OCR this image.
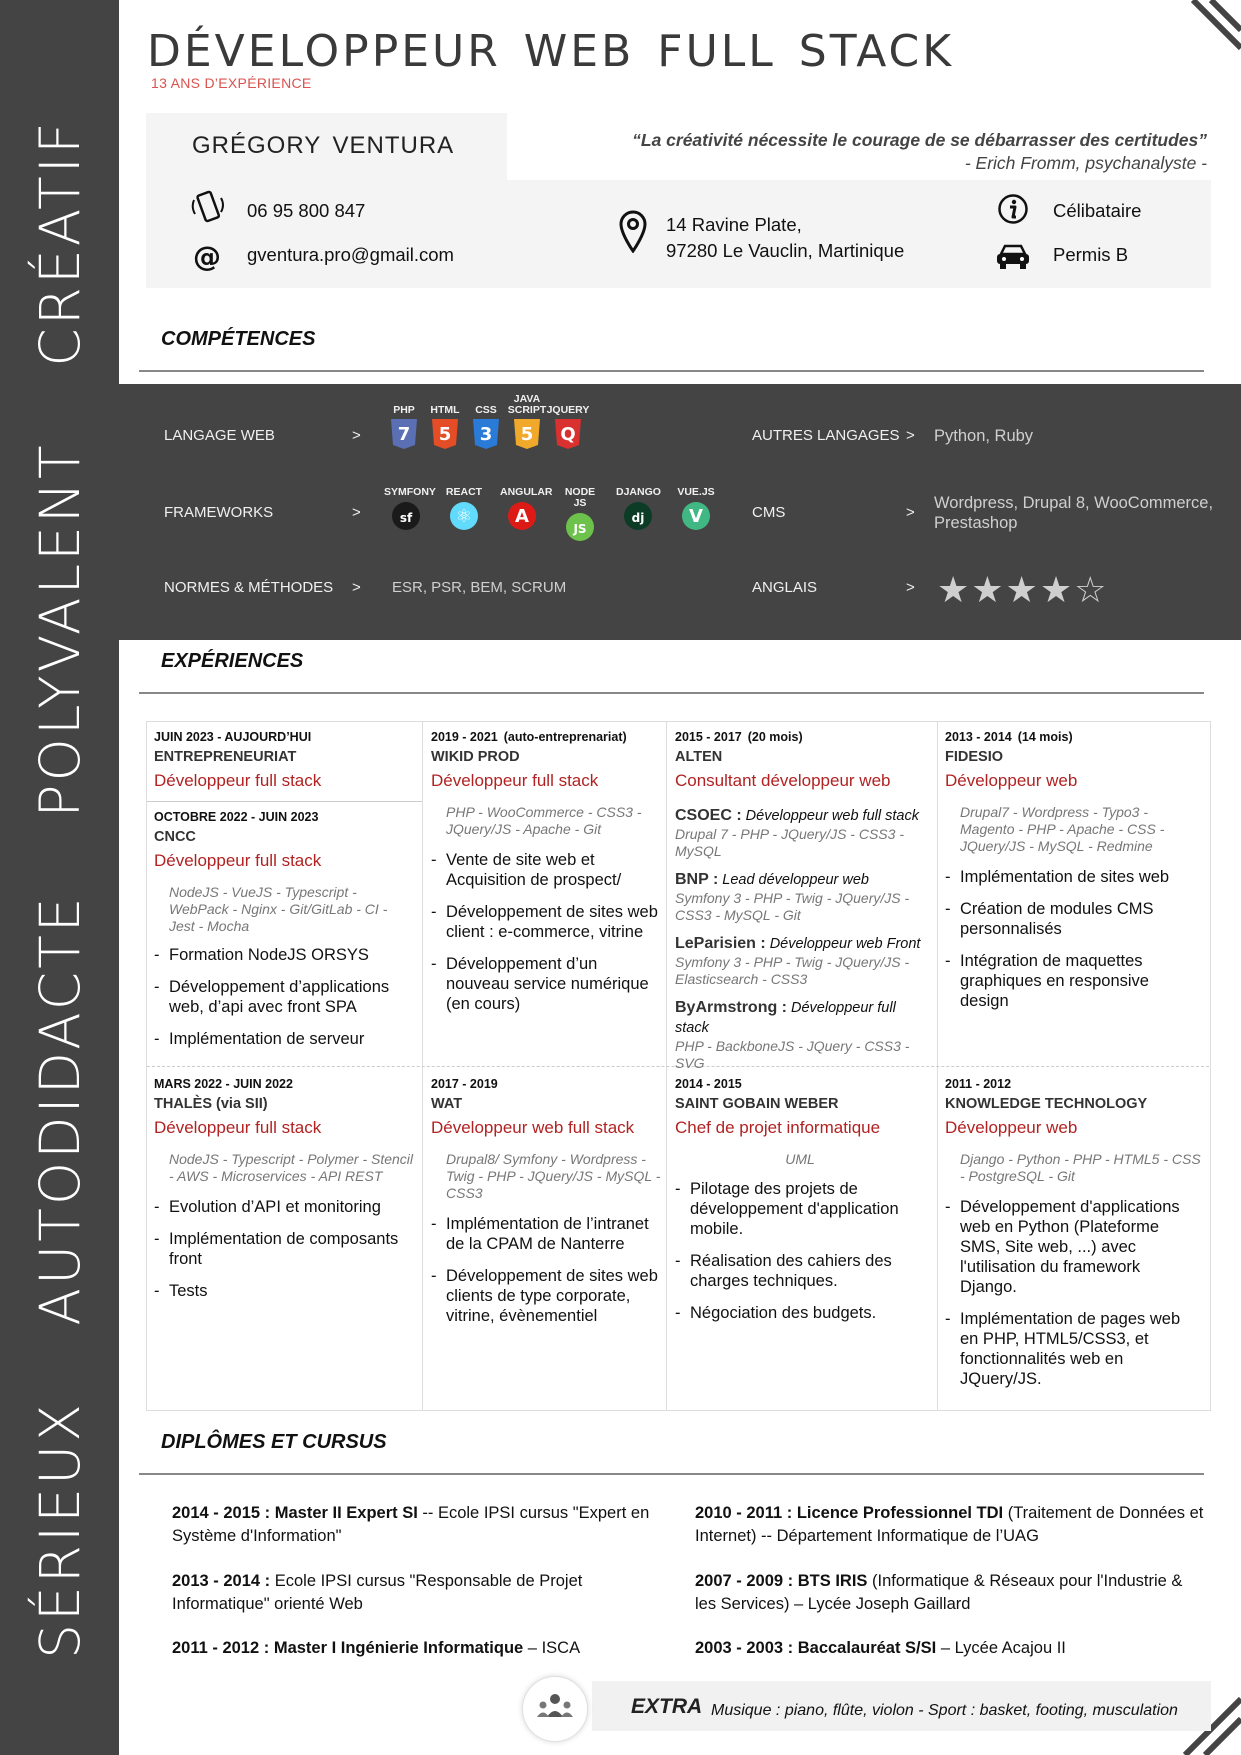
CRÉATIF
POLYVALENT
AUTODIDACTE
SÉRIEUX
DÉVELOPPEUR WEB FULL STACK
13 ANS D’EXPÉRIENCE
GRÉGORY VENTURA	“La créativité nécessite le courage de se débarrasser des certitudes”
- Erich Fromm, psychanalyste -
06 95 800 847
@ gventura.pro@gmail.com
14 Ravine Plate,
97280 Le Vauclin, Martinique
Célibataire
Permis B
COMPÉTENCES
LANGAGE WEB	>
PHP
7
HTML
5
CSS
3
JAVA
SCRIPT
5
JQUERY
Q
FRAMEWORKS	>
SYMFONY
sf
REACT
⚛
ANGULAR
A
NODE JS
JS
DJANGO
dj
VUE.JS
V
NORMES & MÉTHODES > ESR, PSR, BEM, SCRUM
AUTRES LANGAGES > Python, Ruby
CMS	>
Wordpress, Drupal 8, WooCommerce, Prestashop
ANGLAIS	> ★★★★☆
EXPÉRIENCES
JUIN 2023 - AUJOURD’HUI
ENTREPRENEURIAT
Développeur full stack
OCTOBRE 2022 - JUIN 2023
CNCC
Développeur full stack
NodeJS - VueJS - Typescript - WebPack - Nginx - Git/GitLab - CI - Jest - Mocha
- Formation NodeJS ORSYS
- Développement d’applications web, d’api avec front SPA
- Implémentation de serveur
2019 - 2021 (auto-entreprenariat)
WIKID PROD
Développeur full stack
PHP - WooCommerce - CSS3 - JQuery/JS - Apache - Git
- Vente de site web et Acquisition de prospect/
- Développement de sites web client : e-commerce, vitrine
- Développement d’un nouveau service numérique (en cours)
2015 - 2017 (20 mois)
ALTEN
Consultant développeur web
CSOEC : Développeur web full stack
Drupal 7 - PHP - JQuery/JS - CSS3 - MySQL
BNP : Lead développeur web
Symfony 3 - PHP - Twig - JQuery/JS - CSS3 - MySQL - Git
LeParisien : Développeur web Front
Symfony 3 - PHP - Twig - JQuery/JS - Elasticsearch - CSS3
ByArmstrong : Développeur full stack
PHP - BackboneJS - JQuery - CSS3 - SVG
2013 - 2014 (14 mois)
FIDESIO
Développeur web
Drupal7 - Wordpress - Typo3 - Magento - PHP - Apache - CSS - JQuery/JS - MySQL - Redmine
- Implémentation de sites web
- Création de modules CMS personnalisés
- Intégration de maquettes graphiques en responsive design
MARS 2022 - JUIN 2022
THALÈS (via SII)
Développeur full stack
NodeJS - Typescript - Polymer - Stencil - AWS - Microservices - API REST
- Evolution d’API et monitoring
- Implémentation de composants front
- Tests
2017 - 2019
WAT
Développeur web full stack
Drupal8/ Symfony - Wordpress - Twig - PHP - JQuery/JS - MySQL - CSS3
- Implémentation de l’intranet de la CPAM de Nanterre
- Développement de sites web clients de type corporate, vitrine, évènementiel
2014 - 2015
SAINT GOBAIN WEBER
Chef de projet informatique
UML
- Pilotage des projets de développement d'application mobile.
- Réalisation des cahiers des charges techniques.
- Négociation des budgets.
2011 - 2012
KNOWLEDGE TECHNOLOGY
Développeur web
Django - Python - PHP - HTML5 - CSS - PostgreSQL - Git
- Développement d'applications web en Python (Plateforme SMS, Site web, ...) avec l'utilisation du framework Django.
- Implémentation de pages web en PHP, HTML5/CSS3, et fonctionnalités web en JQuery/JS.
DIPLÔMES ET CURSUS
2014 - 2015 : Master II Expert SI -- Ecole IPSI cursus "Expert en Système d'Information"
2013 - 2014 : Ecole IPSI cursus "Responsable de Projet Informatique" orienté Web
2011 - 2012 : Master I Ingénierie Informatique – ISCA
2010 - 2011 : Licence Professionnel TDI (Traitement de Données et Internet) -- Département Informatique de l’UAG
2007 - 2009 : BTS IRIS (Informatique & Réseaux pour l'Industrie & les Services) – Lycée Joseph Gaillard
2003 - 2003 : Baccalauréat S/SI – Lycée Acajou II
EXTRA Musique : piano, flûte, violon - Sport : basket, footing, musculation
